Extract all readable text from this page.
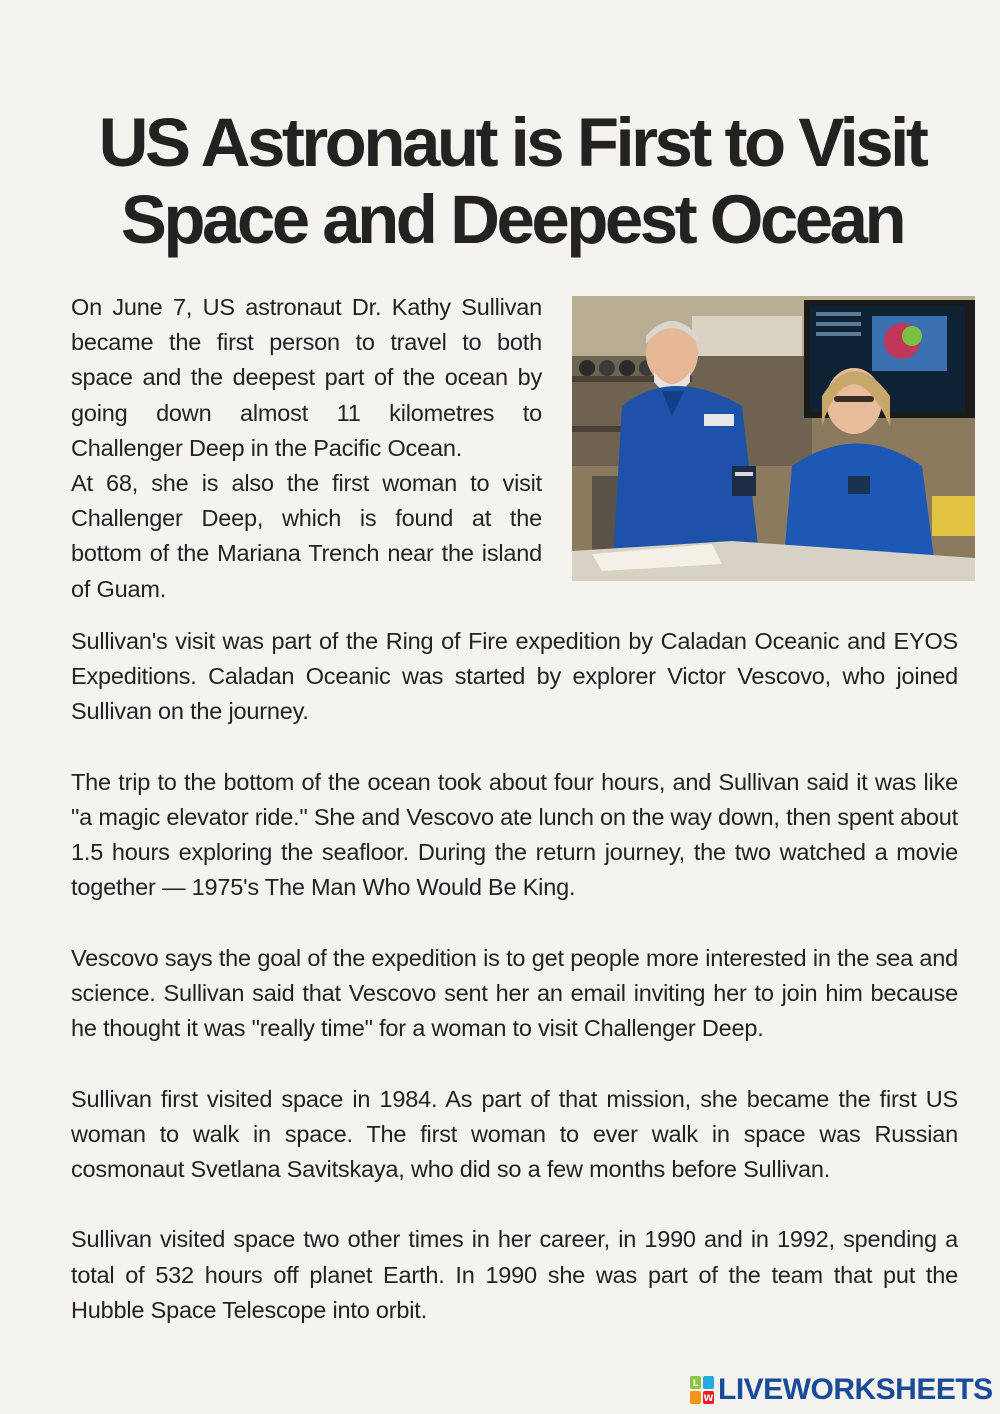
US Astronaut is First to Visit
Space and Deepest Ocean

On June 7, US astronaut Dr. Kathy Sullivan became the first person to travel to both space and the deepest part of the ocean by going down almost 11 kilometres to Challenger Deep in the Pacific Ocean.

At 68, she is also the first woman to visit Challenger Deep, which is found at the bottom of the Mariana Trench near the island of Guam.

Sullivan's visit was part of the Ring of Fire expedition by Caladan Oceanic and EYOS Expeditions. Caladan Oceanic was started by explorer Victor Vescovo, who joined Sullivan on the journey.

The trip to the bottom of the ocean took about four hours, and Sullivan said it was like "a magic elevator ride." She and Vescovo ate lunch on the way down, then spent about 1.5 hours exploring the seafloor. During the return journey, the two watched a movie together — 1975's The Man Who Would Be King.

Vescovo says the goal of the expedition is to get people more interested in the sea and science. Sullivan said that Vescovo sent her an email inviting her to join him because he thought it was "really time" for a woman to visit Challenger Deep.

Sullivan first visited space in 1984. As part of that mission, she became the first US woman to walk in space. The first woman to ever walk in space was Russian cosmonaut Svetlana Savitskaya, who did so a few months before Sullivan.

Sullivan visited space two other times in her career, in 1990 and in 1992, spending a total of 532 hours off planet Earth. In 1990 she was part of the team that put the Hubble Space Telescope into orbit.

L
W LIVEWORKSHEETS
